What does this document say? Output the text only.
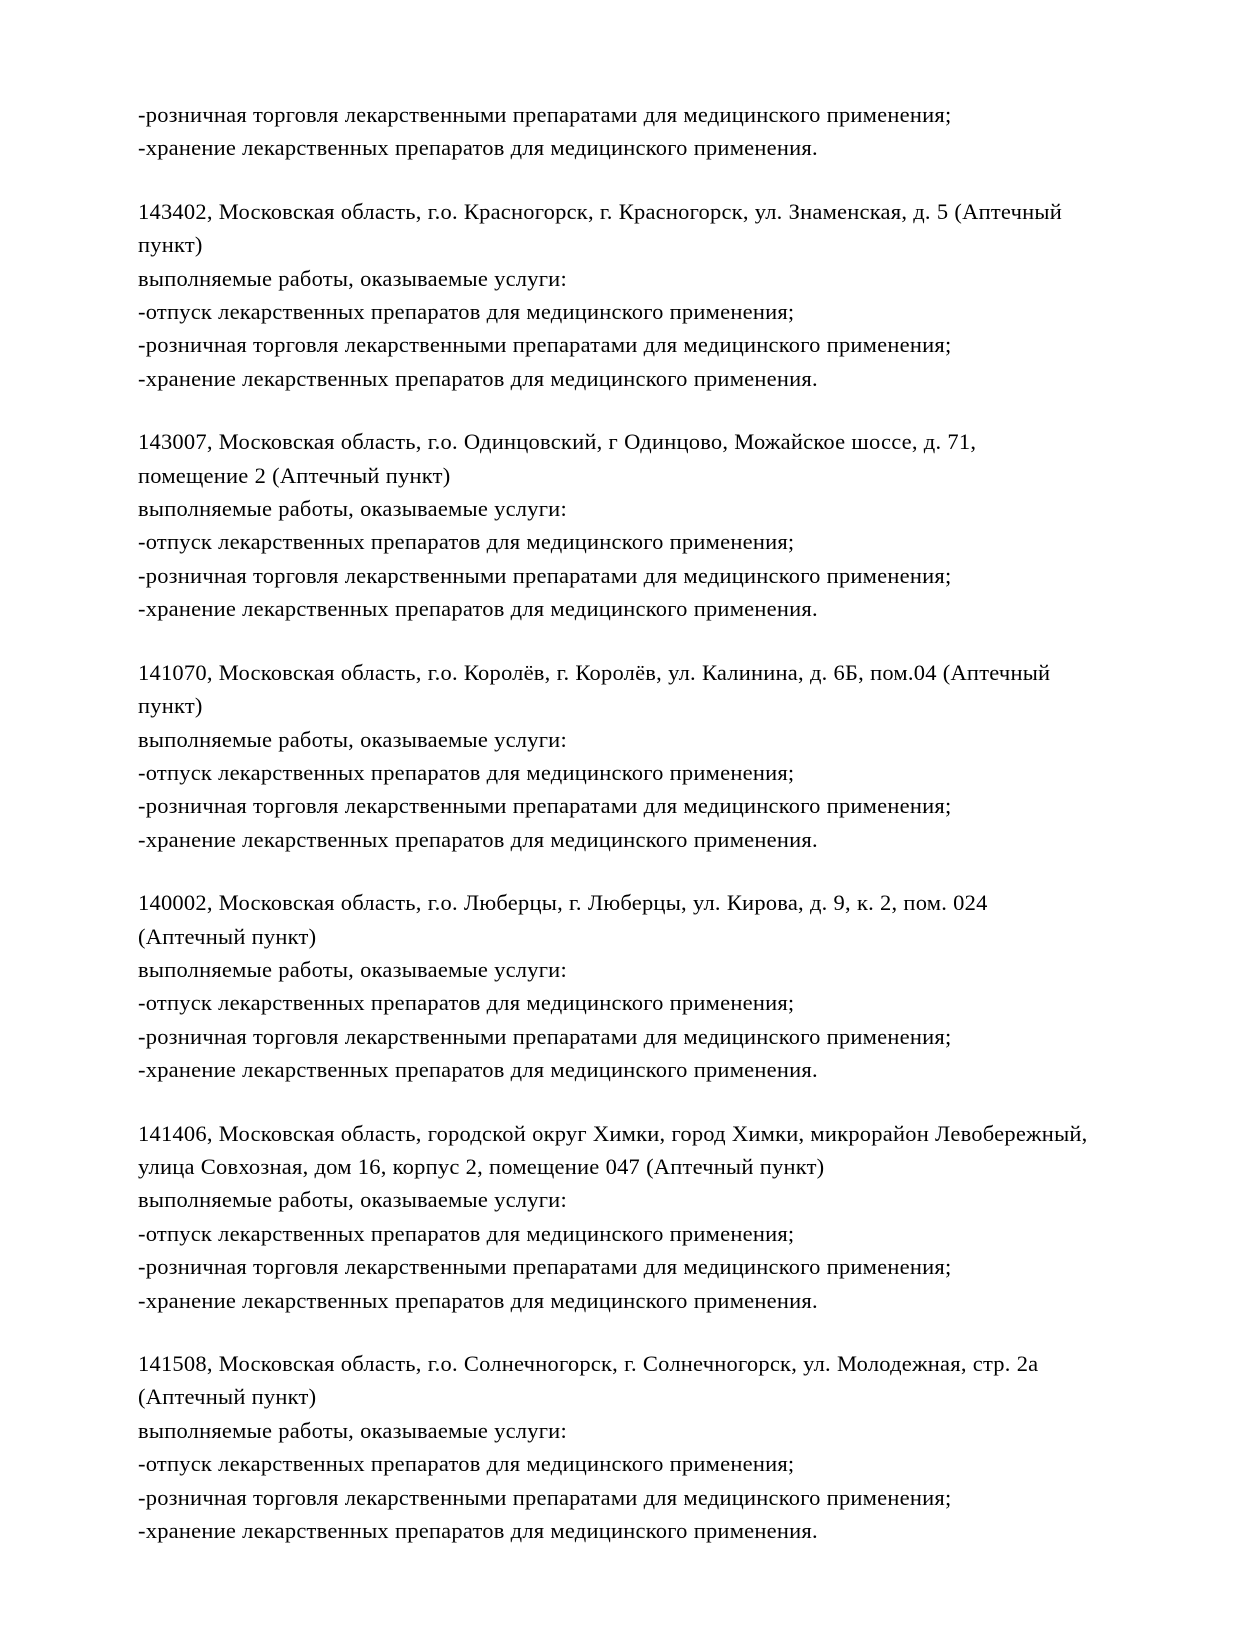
-розничная торговля лекарственными препаратами для медицинского применения;
-хранение лекарственных препаратов для медицинского применения.

143402, Московская область, г.о. Красногорск, г. Красногорск, ул. Знаменская, д. 5 (Аптечный пункт)

выполняемые работы, оказываемые услуги:

-отпуск лекарственных препаратов для медицинского применения;
-розничная торговля лекарственными препаратами для медицинского применения;
-хранение лекарственных препаратов для медицинского применения.

143007, Московская область, г.о. Одинцовский, г Одинцово, Можайское шоссе, д. 71, помещение 2 (Аптечный пункт)

выполняемые работы, оказываемые услуги:

-отпуск лекарственных препаратов для медицинского применения;
-розничная торговля лекарственными препаратами для медицинского применения;
-хранение лекарственных препаратов для медицинского применения.

141070, Московская область, г.о. Королёв, г. Королёв, ул. Калинина, д. 6Б, пом.04 (Аптечный пункт)

выполняемые работы, оказываемые услуги:

-отпуск лекарственных препаратов для медицинского применения;
-розничная торговля лекарственными препаратами для медицинского применения;
-хранение лекарственных препаратов для медицинского применения.

140002, Московская область, г.о. Люберцы, г. Люберцы, ул. Кирова, д. 9, к. 2, пом. 024 (Аптечный пункт)

выполняемые работы, оказываемые услуги:

-отпуск лекарственных препаратов для медицинского применения;
-розничная торговля лекарственными препаратами для медицинского применения;
-хранение лекарственных препаратов для медицинского применения.

141406, Московская область, городской округ Химки, город Химки, микрорайон Левобережный, улица Совхозная, дом 16, корпус 2, помещение 047 (Аптечный пункт)

выполняемые работы, оказываемые услуги:

-отпуск лекарственных препаратов для медицинского применения;
-розничная торговля лекарственными препаратами для медицинского применения;
-хранение лекарственных препаратов для медицинского применения.

141508, Московская область, г.о. Солнечногорск, г. Солнечногорск, ул. Молодежная, стр. 2а (Аптечный пункт)

выполняемые работы, оказываемые услуги:

-отпуск лекарственных препаратов для медицинского применения;
-розничная торговля лекарственными препаратами для медицинского применения;
-хранение лекарственных препаратов для медицинского применения.
